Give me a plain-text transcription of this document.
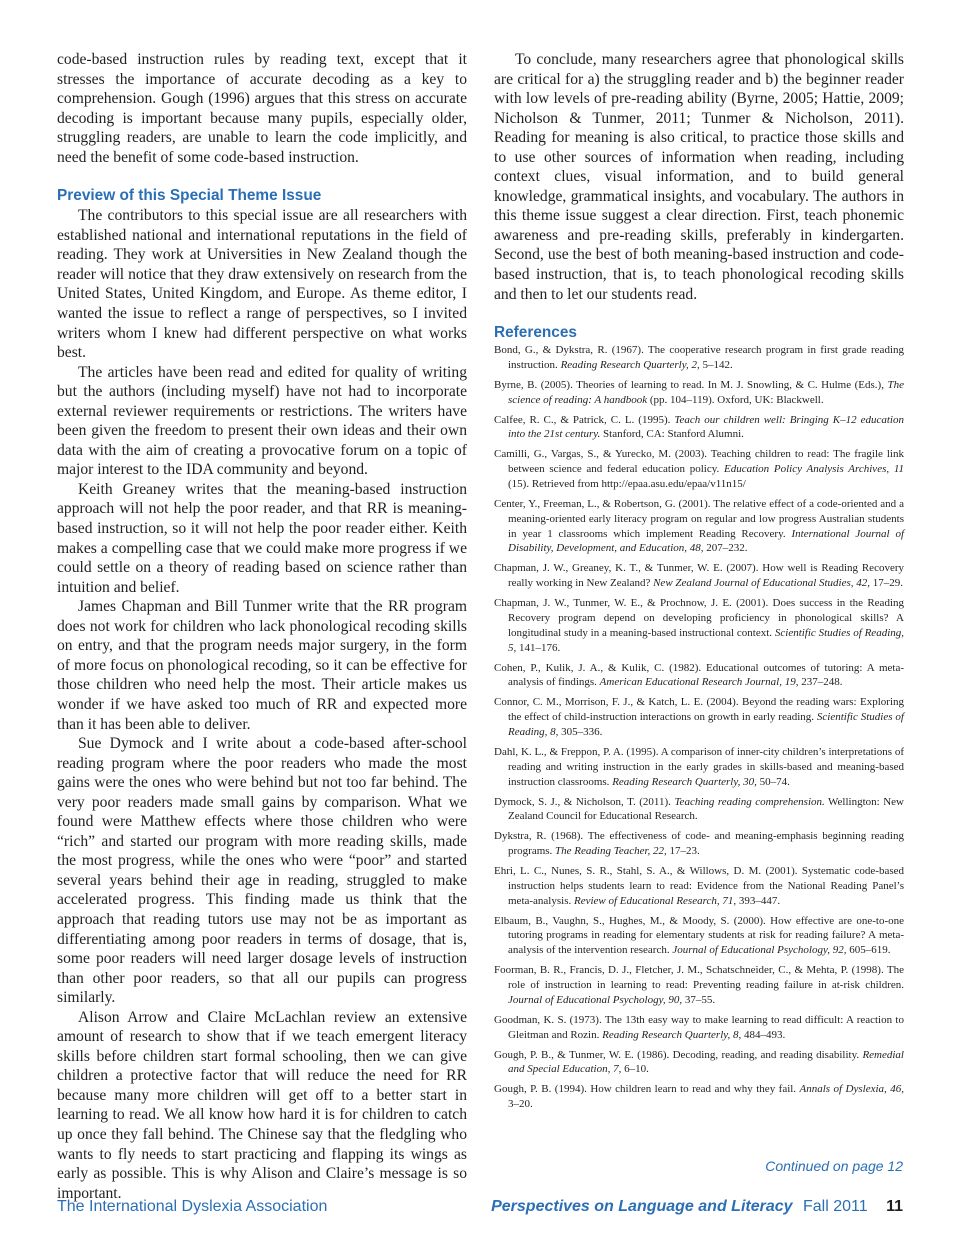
code-based instruction rules by reading text, except that it stresses the importance of accurate decoding as a key to comprehension. Gough (1996) argues that this stress on accurate decoding is important because many pupils, especially older, struggling readers, are unable to learn the code implicitly, and need the benefit of some code-based instruction.

Preview of this Special Theme Issue

The contributors to this special issue are all researchers with established national and international reputations in the field of reading. They work at Universities in New Zealand though the reader will notice that they draw extensively on research from the United States, United Kingdom, and Europe. As theme editor, I wanted the issue to reflect a range of perspectives, so I invited writers whom I knew had different perspective on what works best.

The articles have been read and edited for quality of writing but the authors (including myself) have not had to incorporate external reviewer requirements or restrictions. The writers have been given the freedom to present their own ideas and their own data with the aim of creating a provocative forum on a topic of major interest to the IDA community and beyond.

Keith Greaney writes that the meaning-based instruction approach will not help the poor reader, and that RR is meaning-based instruction, so it will not help the poor reader either. Keith makes a compelling case that we could make more progress if we could settle on a theory of reading based on science rather than intuition and belief.

James Chapman and Bill Tunmer write that the RR program does not work for children who lack phonological recoding skills on entry, and that the program needs major surgery, in the form of more focus on phonological recoding, so it can be effective for those children who need help the most. Their article makes us wonder if we have asked too much of RR and expected more than it has been able to deliver.

Sue Dymock and I write about a code-based after-school reading program where the poor readers who made the most gains were the ones who were behind but not too far behind. The very poor readers made small gains by comparison. What we found were Matthew effects where those children who were “rich” and started our program with more reading skills, made the most progress, while the ones who were “poor” and started several years behind their age in reading, struggled to make accelerated progress. This finding made us think that the approach that reading tutors use may not be as important as differentiating among poor readers in terms of dosage, that is, some poor readers will need larger dosage levels of instruction than other poor readers, so that all our pupils can progress similarly.

Alison Arrow and Claire McLachlan review an extensive amount of research to show that if we teach emergent literacy skills before children start formal schooling, then we can give children a protective factor that will reduce the need for RR because many more children will get off to a better start in learning to read. We all know how hard it is for children to catch up once they fall behind. The Chinese say that the fledgling who wants to fly needs to start practicing and flapping its wings as early as possible. This is why Alison and Claire’s message is so important.

To conclude, many researchers agree that phonological skills are critical for a) the struggling reader and b) the beginner reader with low levels of pre-reading ability (Byrne, 2005; Hattie, 2009; Nicholson & Tunmer, 2011; Tunmer & Nicholson, 2011). Reading for meaning is also critical, to practice those skills and to use other sources of information when reading, including context clues, visual information, and to build general knowledge, grammatical insights, and vocabulary. The authors in this theme issue suggest a clear direction. First, teach phonemic awareness and pre-reading skills, preferably in kindergarten. Second, use the best of both meaning-based instruction and code-based instruction, that is, to teach phonological recoding skills and then to let our students read.

References

Bond, G., & Dykstra, R. (1967). The cooperative research program in first grade reading instruction. Reading Research Quarterly, 2, 5–142.

Byrne, B. (2005). Theories of learning to read. In M. J. Snowling, & C. Hulme (Eds.), The science of reading: A handbook (pp. 104–119). Oxford, UK: Blackwell.

Calfee, R. C., & Patrick, C. L. (1995). Teach our children well: Bringing K–12 education into the 21st century. Stanford, CA: Stanford Alumni.

Camilli, G., Vargas, S., & Yurecko, M. (2003). Teaching children to read: The fragile link between science and federal education policy. Education Policy Analysis Archives, 11 (15). Retrieved from http://epaa.asu.edu/epaa/v11n15/

Center, Y., Freeman, L., & Robertson, G. (2001). The relative effect of a code-oriented and a meaning-oriented early literacy program on regular and low progress Australian students in year 1 classrooms which implement Reading Recovery. International Journal of Disability, Development, and Education, 48, 207–232.

Chapman, J. W., Greaney, K. T., & Tunmer, W. E. (2007). How well is Reading Recovery really working in New Zealand? New Zealand Journal of Educational Studies, 42, 17–29.

Chapman, J. W., Tunmer, W. E., & Prochnow, J. E. (2001). Does success in the Reading Recovery program depend on developing proficiency in phonological skills? A longitudinal study in a meaning-based instructional context. Scientific Studies of Reading, 5, 141–176.

Cohen, P., Kulik, J. A., & Kulik, C. (1982). Educational outcomes of tutoring: A meta-analysis of findings. American Educational Research Journal, 19, 237–248.

Connor, C. M., Morrison, F. J., & Katch, L. E. (2004). Beyond the reading wars: Exploring the effect of child-instruction interactions on growth in early reading. Scientific Studies of Reading, 8, 305–336.

Dahl, K. L., & Freppon, P. A. (1995). A comparison of inner-city children’s interpretations of reading and writing instruction in the early grades in skills-based and meaning-based instruction classrooms. Reading Research Quarterly, 30, 50–74.

Dymock, S. J., & Nicholson, T. (2011). Teaching reading comprehension. Wellington: New Zealand Council for Educational Research.

Dykstra, R. (1968). The effectiveness of code- and meaning-emphasis beginning reading programs. The Reading Teacher, 22, 17–23.

Ehri, L. C., Nunes, S. R., Stahl, S. A., & Willows, D. M. (2001). Systematic code-based instruction helps students learn to read: Evidence from the National Reading Panel’s meta-analysis. Review of Educational Research, 71, 393–447.

Elbaum, B., Vaughn, S., Hughes, M., & Moody, S. (2000). How effective are one-to-one tutoring programs in reading for elementary students at risk for reading failure? A meta-analysis of the intervention research. Journal of Educational Psychology, 92, 605–619.

Foorman, B. R., Francis, D. J., Fletcher, J. M., Schatschneider, C., & Mehta, P. (1998). The role of instruction in learning to read: Preventing reading failure in at-risk children. Journal of Educational Psychology, 90, 37–55.

Goodman, K. S. (1973). The 13th easy way to make learning to read difficult: A reaction to Gleitman and Rozin. Reading Research Quarterly, 8, 484–493.

Gough, P. B., & Tunmer, W. E. (1986). Decoding, reading, and reading disability. Remedial and Special Education, 7, 6–10.

Gough, P. B. (1994). How children learn to read and why they fail. Annals of Dyslexia, 46, 3–20.

Continued on page 12
The International Dyslexia Association	Perspectives on Language and Literacy Fall 2011 11
